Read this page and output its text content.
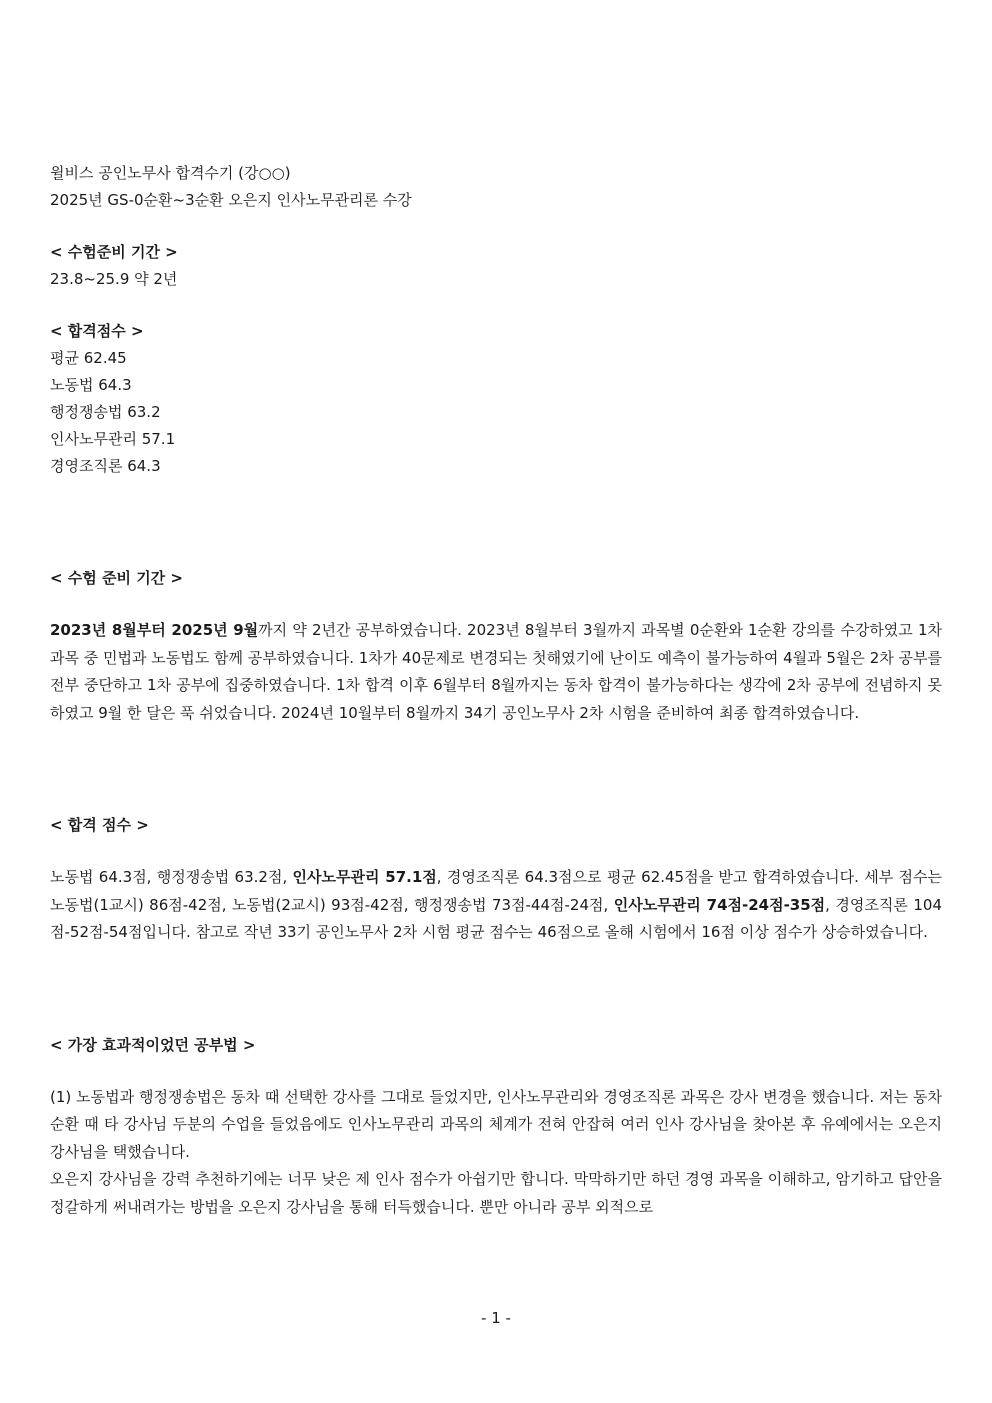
윌비스 공인노무사 합격수기 (강○○)
2025년 GS-0순환~3순환 오은지 인사노무관리론 수강
< 수험준비 기간 >
23.8~25.9 약 2년
< 합격점수 >
평균 62.45
노동법 64.3
행정쟁송법 63.2
인사노무관리 57.1
경영조직론 64.3
< 수험 준비 기간 >
2023년 8월부터 2025년 9월까지 약 2년간 공부하였습니다. 2023년 8월부터 3월까지 과목별 0순환와 1순환 강의를 수강하였고 1차 과목 중 민법과 노동법도 함께 공부하였습니다. 1차가 40문제로 변경되는 첫해였기에 난이도 예측이 불가능하여 4월과 5월은 2차 공부를 전부 중단하고 1차 공부에 집중하였습니다. 1차 합격 이후 6월부터 8월까지는 동차 합격이 불가능하다는 생각에 2차 공부에 전념하지 못하였고 9월 한 달은 푹 쉬었습니다. 2024년 10월부터 8월까지 34기 공인노무사 2차 시험을 준비하여 최종 합격하였습니다.
< 합격 점수 >
노동법 64.3점, 행정쟁송법 63.2점, 인사노무관리 57.1점, 경영조직론 64.3점으로 평균 62.45점을 받고 합격하였습니다. 세부 점수는 노동법(1교시) 86점-42점, 노동법(2교시) 93점-42점, 행정쟁송법 73점-44점-24점, 인사노무관리 74점-24점-35점, 경영조직론 104점-52점-54점입니다. 참고로 작년 33기 공인노무사 2차 시험 평균 점수는 46점으로 올해 시험에서 16점 이상 점수가 상승하였습니다.
< 가장 효과적이었던 공부법 >
(1) 노동법과 행정쟁송법은 동차 때 선택한 강사를 그대로 들었지만, 인사노무관리와 경영조직론 과목은 강사 변경을 했습니다. 저는 동차순환 때 타 강사님 두분의 수업을 들었음에도 인사노무관리 과목의 체계가 전혀 안잡혀 여러 인사 강사님을 찾아본 후 유예에서는 오은지 강사님을 택했습니다.
오은지 강사님을 강력 추천하기에는 너무 낮은 제 인사 점수가 아쉽기만 합니다. 막막하기만 하던 경영 과목을 이해하고, 암기하고 답안을 정갈하게 써내려가는 방법을 오은지 강사님을 통해 터득했습니다. 뿐만 아니라 공부 외적으로
- 1 -
